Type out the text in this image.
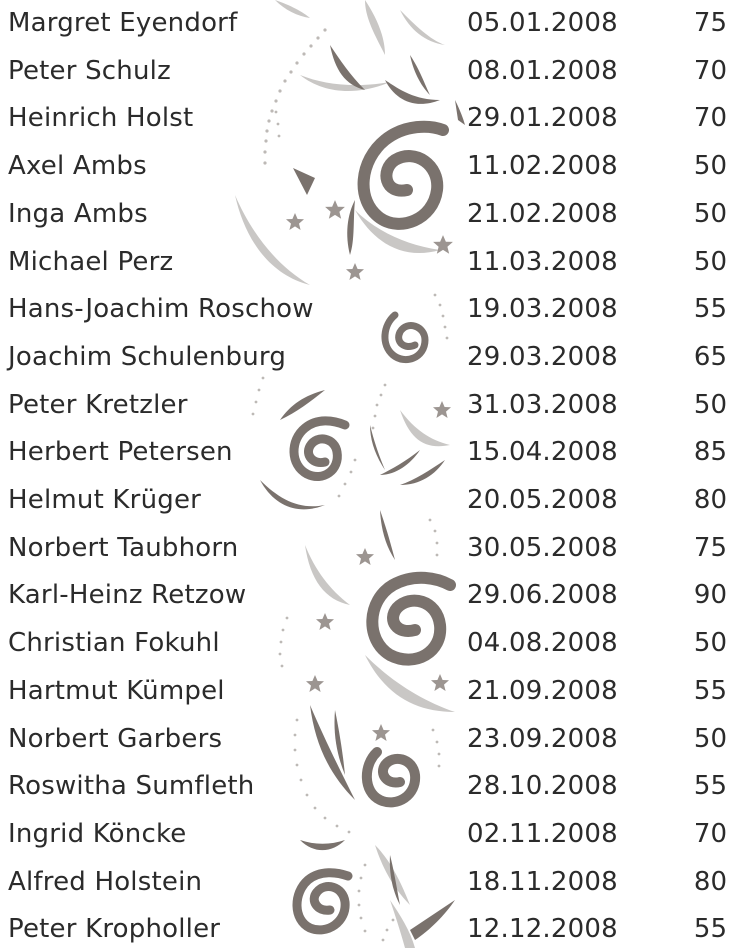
Margret Eyendorf	05.01.2008	75
Peter Schulz	08.01.2008	70
Heinrich Holst	29.01.2008	70
Axel Ambs	11.02.2008	50
Inga Ambs	21.02.2008	50
Michael Perz	11.03.2008	50
Hans-Joachim Roschow	19.03.2008	55
Joachim Schulenburg	29.03.2008	65
Peter Kretzler	31.03.2008	50
Herbert Petersen	15.04.2008	85
Helmut Krüger	20.05.2008	80
Norbert Taubhorn	30.05.2008	75
Karl-Heinz Retzow	29.06.2008	90
Christian Fokuhl	04.08.2008	50
Hartmut Kümpel	21.09.2008	55
Norbert Garbers	23.09.2008	50
Roswitha Sumfleth	28.10.2008	55
Ingrid Köncke	02.11.2008	70
Alfred Holstein	18.11.2008	80
Peter Kropholler	12.12.2008	55
